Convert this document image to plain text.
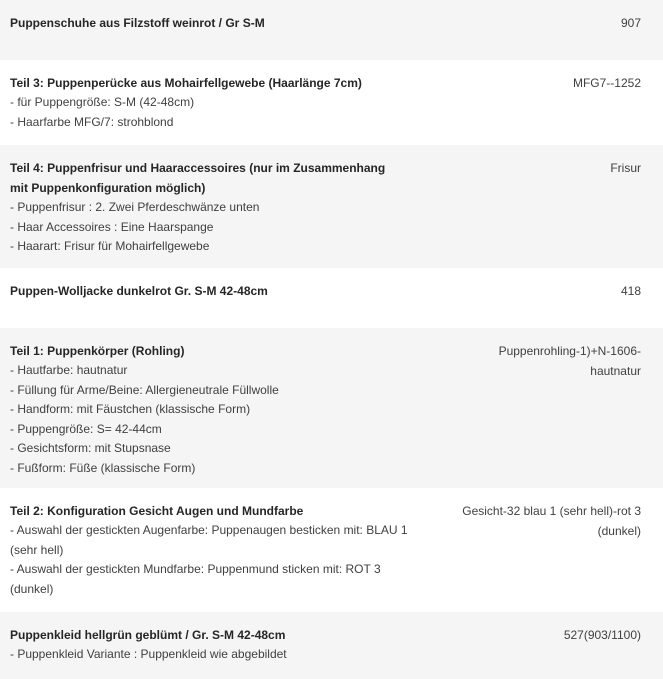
Puppenschuhe aus Filzstoff weinrot / Gr S-M	907
Teil 3: Puppenperücke aus Mohairfellgewebe (Haarlänge 7cm)
- für Puppengröße: S-M (42-48cm)
- Haarfarbe MFG/7: strohblond
MFG7--1252
Teil 4: Puppenfrisur und Haaraccessoires (nur im Zusammenhang mit Puppenkonfiguration möglich)
- Puppenfrisur : 2. Zwei Pferdeschwänze unten
- Haar Accessoires : Eine Haarspange
- Haarart: Frisur für Mohairfellgewebe
Frisur
Puppen-Wolljacke dunkelrot Gr. S-M 42-48cm	418
Teil 1: Puppenkörper (Rohling)
- Hautfarbe: hautnatur
- Füllung für Arme/Beine: Allergieneutrale Füllwolle
- Handform: mit Fäustchen (klassische Form)
- Puppengröße: S= 42-44cm
- Gesichtsform: mit Stupsnase
- Fußform: Füße (klassische Form)
Puppenrohling-1)+N-1606-hautnatur
Teil 2: Konfiguration Gesicht Augen und Mundfarbe
- Auswahl der gestickten Augenfarbe: Puppenaugen besticken mit: BLAU 1 (sehr hell)
- Auswahl der gestickten Mundfarbe: Puppenmund sticken mit: ROT 3 (dunkel)
Gesicht-32 blau 1 (sehr hell)-rot 3 (dunkel)
Puppenkleid hellgrün geblümt / Gr. S-M 42-48cm
- Puppenkleid Variante : Puppenkleid wie abgebildet
527(903/1100)
